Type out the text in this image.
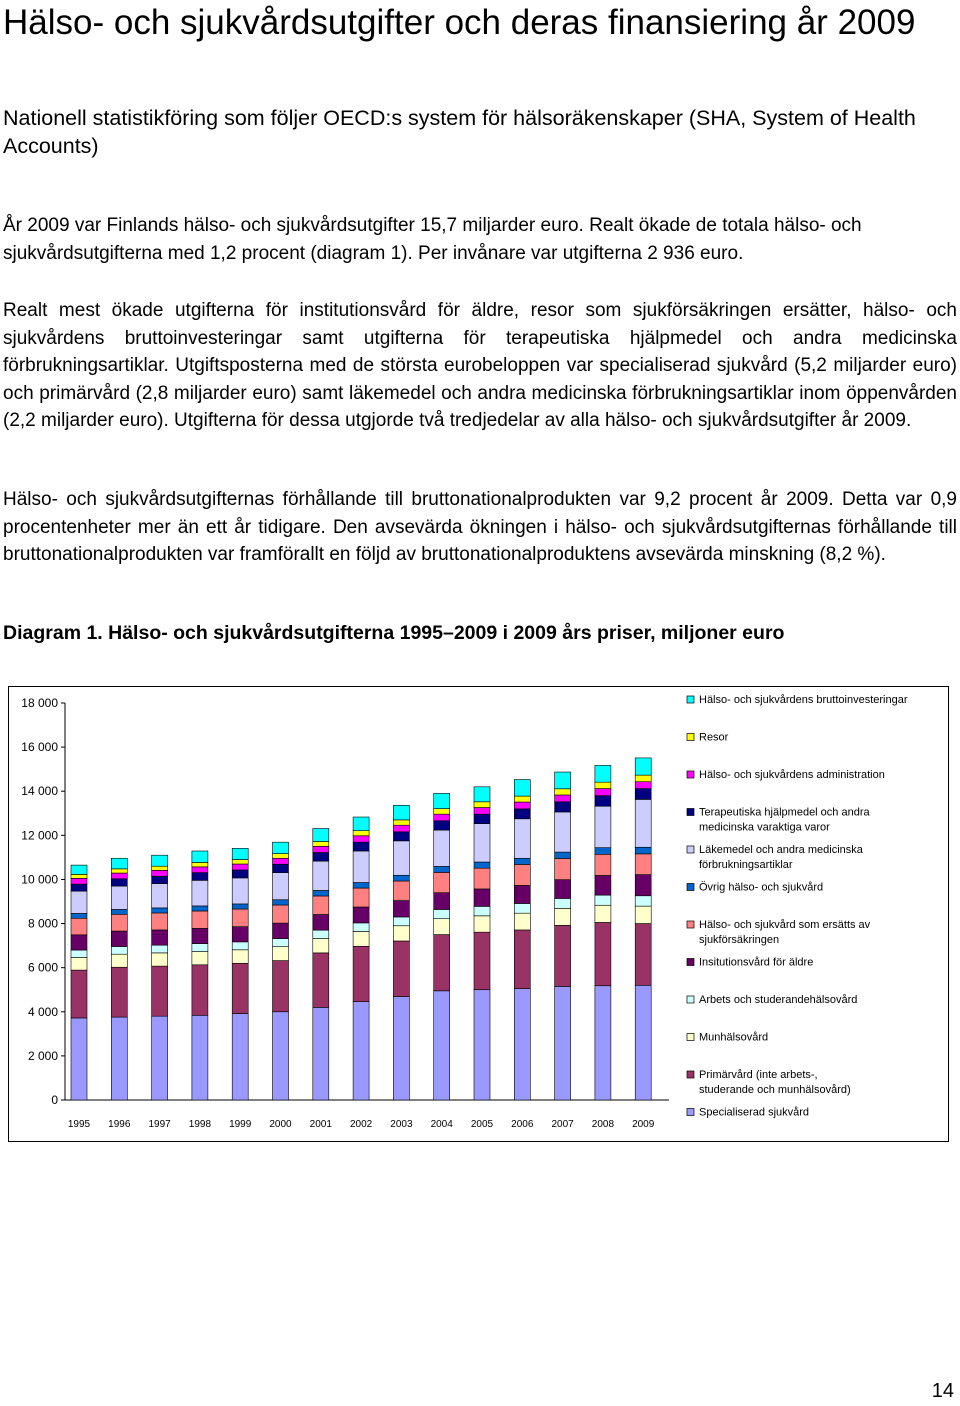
Hälso- och sjukvårdsutgifter och deras finansiering år 2009

Nationell statistikföring som följer OECD:s system för hälsoräkenskaper (SHA, System of Health Accounts)

År 2009 var Finlands hälso- och sjukvårdsutgifter 15,7 miljarder euro. Realt ökade de totala hälso- och sjukvårdsutgifterna med 1,2 procent (diagram 1). Per invånare var utgifterna 2 936 euro.

Realt mest ökade utgifterna för institutionsvård för äldre, resor som sjukförsäkringen ersätter, hälso- och sjukvårdens bruttoinvesteringar samt utgifterna för terapeutiska hjälpmedel och andra medicinska förbrukningsartiklar. Utgiftsposterna med de största eurobeloppen var specialiserad sjukvård (5,2 miljarder euro) och primärvård (2,8 miljarder euro) samt läkemedel och andra medicinska förbrukningsartiklar inom öppenvården (2,2 miljarder euro). Utgifterna för dessa utgjorde två tredjedelar av alla hälso- och sjukvårdsutgifter år 2009.

Hälso- och sjukvårdsutgifternas förhållande till bruttonationalprodukten var 9,2 procent år 2009. Detta var 0,9 procentenheter mer än ett år tidigare. Den avsevärda ökningen i hälso- och sjukvårdsutgifternas förhållande till bruttonationalprodukten var framförallt en följd av bruttonationalproduktens avsevärda minskning (8,2 %).

Diagram 1. Hälso- och sjukvårdsutgifterna 1995–2009 i 2009 års priser, miljoner euro

0
2 000
4 000
6 000
8 000
10 000
12 000
14 000
16 000
18 000
1995 1996 1997 1998 1999 2000 2001 2002 2003 2004 2005 2006 2007 2008 2009
Hälso- och sjukvårdens bruttoinvesteringar
Resor
Hälso- och sjukvårdens administration
Terapeutiska hjälpmedel och andra
medicinska varaktiga varor
Läkemedel och andra medicinska
förbrukningsartiklar
Övrig hälso- och sjukvård
Hälso- och sjukvård som ersätts av
sjukförsäkringen
Insitutionsvård för äldre
Arbets och studerandehälsovård
Munhälsovård
Primärvård (inte arbets-,
studerande och munhälsovård)
Specialiserad sjukvård
14
